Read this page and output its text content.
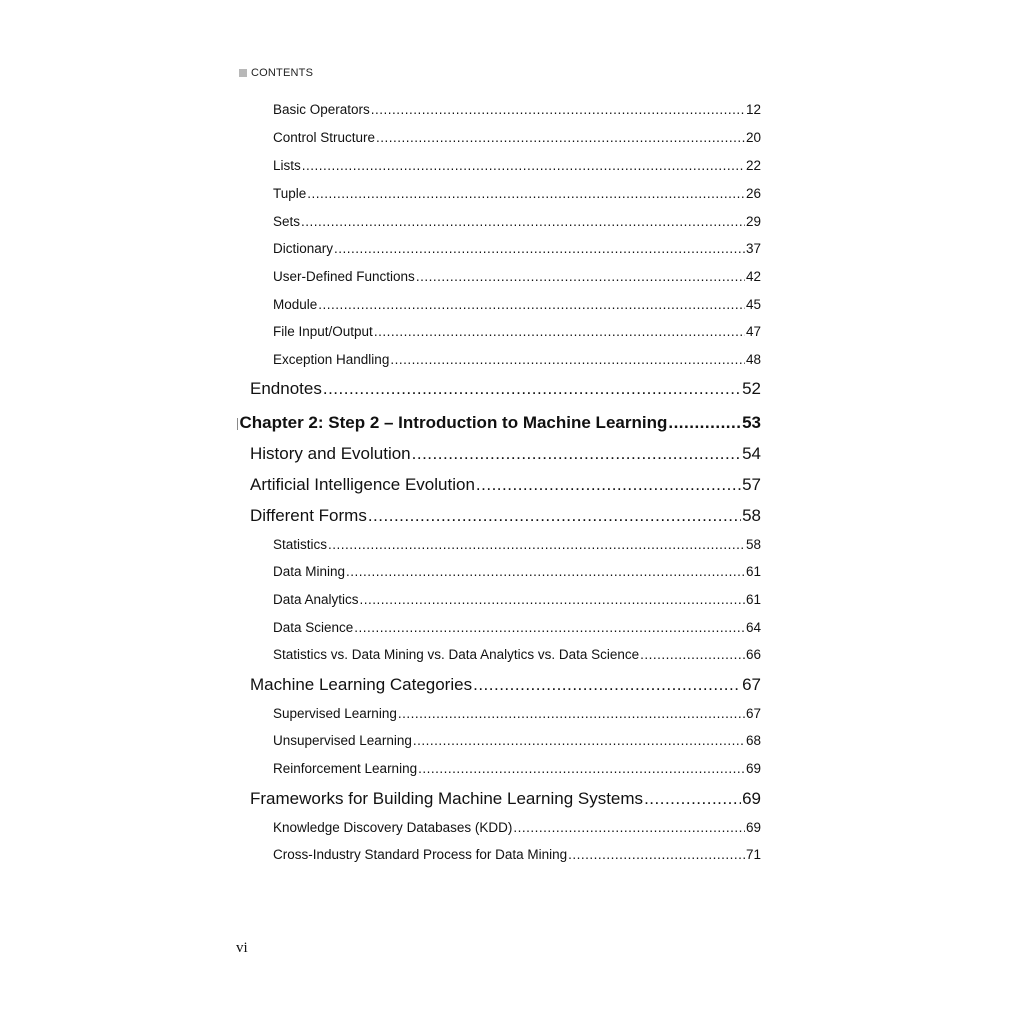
CONTENTS
Basic Operators .....	12
Control Structure .....	20
Lists .....	22
Tuple .....	26
Sets .....	29
Dictionary .....	37
User-Defined Functions .....	42
Module .....	45
File Input/Output .....	47
Exception Handling .....	48
Endnotes .....	52
Chapter 2: Step 2 – Introduction to Machine Learning .....	53
History and Evolution .....	54
Artificial Intelligence Evolution .....	57
Different Forms .....	58
Statistics .....	58
Data Mining .....	61
Data Analytics .....	61
Data Science .....	64
Statistics vs. Data Mining vs. Data Analytics vs. Data Science .....	66
Machine Learning Categories .....	67
Supervised Learning .....	67
Unsupervised Learning .....	68
Reinforcement Learning .....	69
Frameworks for Building Machine Learning Systems .....	69
Knowledge Discovery Databases (KDD) .....	69
Cross-Industry Standard Process for Data Mining .....	71
vi
